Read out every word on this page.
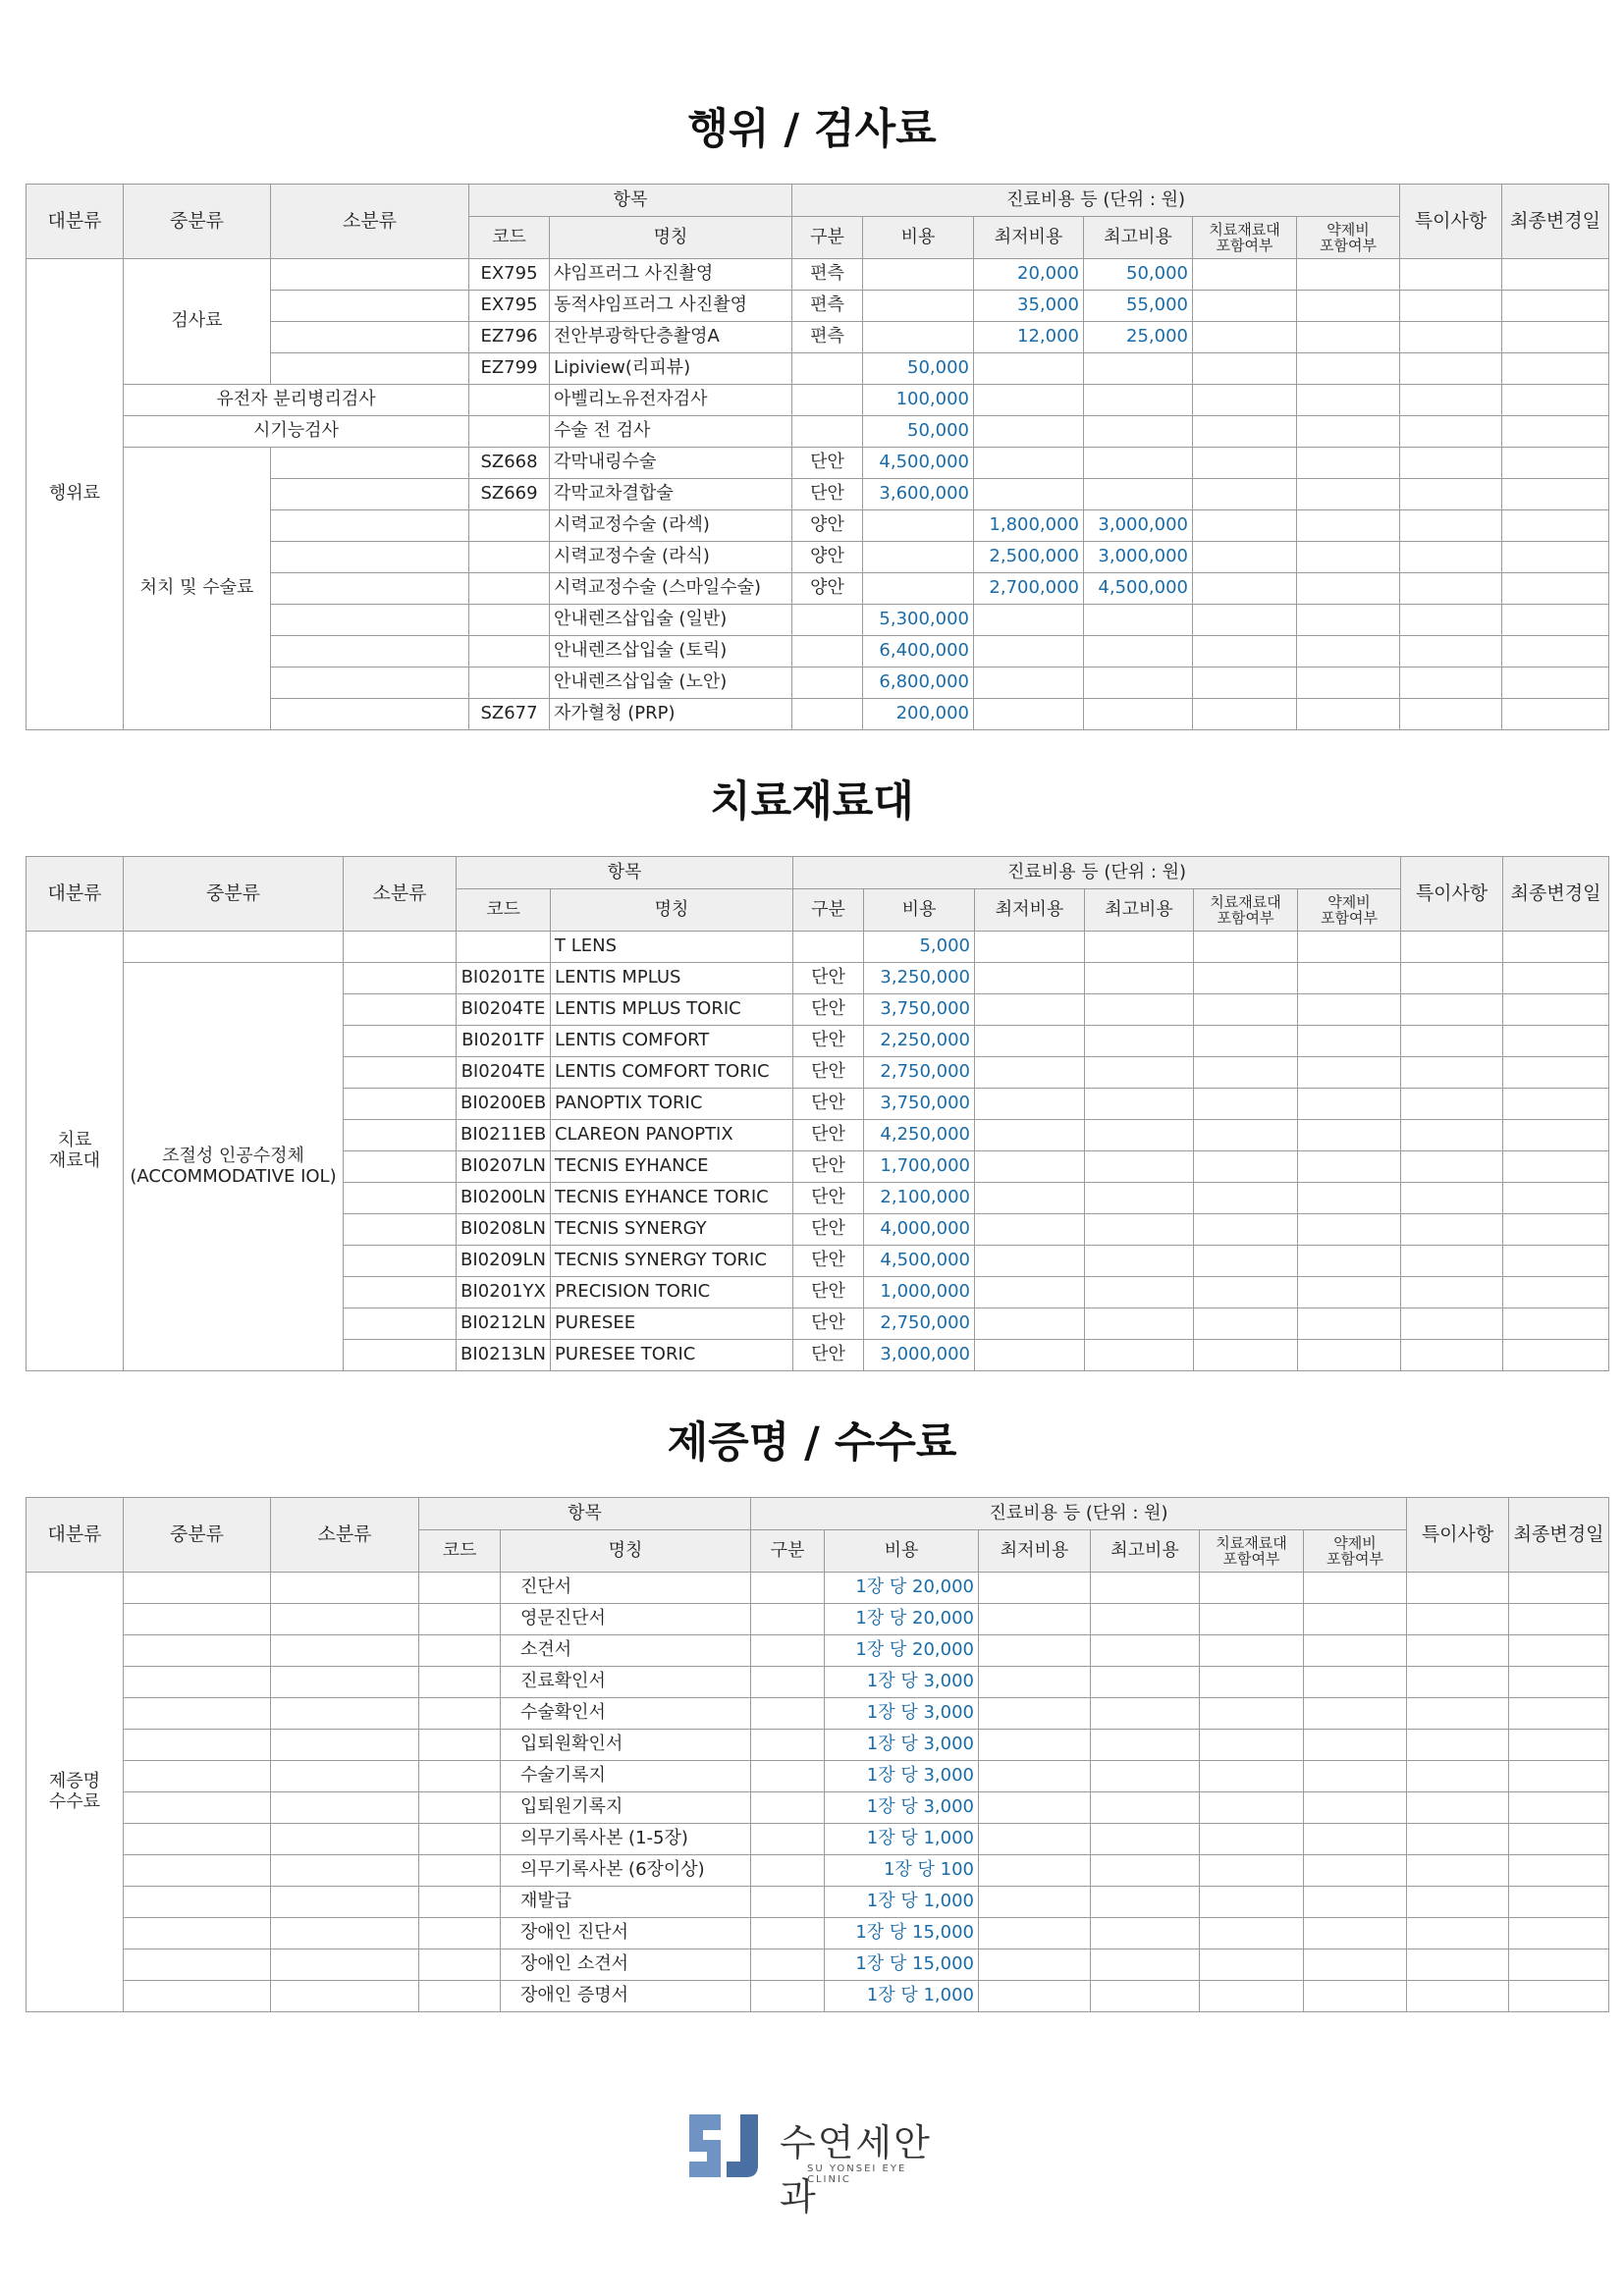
행위 / 검사료
대분류	중분류	소분류	항목		진료비용 등 (단위 : 원)						특이사항	최종변경일
			코드	명칭	구분	비용	최저비용	최고비용	치료재료대
포함여부	약제비
포함여부		
행위료	검사료		EX795	샤임프러그 사진촬영	편측		20,000	50,000				
			EX795	동적샤임프러그 사진촬영	편측		35,000	55,000				
			EZ796	전안부광학단층촬영A	편측		12,000	25,000				
			EZ799	Lipiview(리피뷰)		50,000						
	유전자 분리병리검사			아벨리노유전자검사		100,000						
	시기능검사			수술 전 검사		50,000						
	처치 및 수술료		SZ668	각막내링수술	단안	4,500,000						
			SZ669	각막교차결합술	단안	3,600,000						
				시력교정수술 (라섹)	양안		1,800,000	3,000,000				
				시력교정수술 (라식)	양안		2,500,000	3,000,000				
				시력교정수술 (스마일수술)	양안		2,700,000	4,500,000				
				안내렌즈삽입술 (일반)		5,300,000						
				안내렌즈삽입술 (토릭)		6,400,000						
				안내렌즈삽입술 (노안)		6,800,000						
			SZ677	자가혈청 (PRP)		200,000						
치료재료대
대분류	중분류	소분류	항목		진료비용 등 (단위 : 원)						특이사항	최종변경일
			코드	명칭	구분	비용	최저비용	최고비용	치료재료대
포함여부	약제비
포함여부		
치료
재료대				T LENS		5,000						
	조절성 인공수정체
(ACCOMMODATIVE IOL)		BI0201TE	LENTIS MPLUS	단안	3,250,000						
			BI0204TE	LENTIS MPLUS TORIC	단안	3,750,000						
			BI0201TF	LENTIS COMFORT	단안	2,250,000						
			BI0204TE	LENTIS COMFORT TORIC	단안	2,750,000						
			BI0200EB	PANOPTIX TORIC	단안	3,750,000						
			BI0211EB	CLAREON PANOPTIX	단안	4,250,000						
			BI0207LN	TECNIS EYHANCE	단안	1,700,000						
			BI0200LN	TECNIS EYHANCE TORIC	단안	2,100,000						
			BI0208LN	TECNIS SYNERGY	단안	4,000,000						
			BI0209LN	TECNIS SYNERGY TORIC	단안	4,500,000						
			BI0201YX	PRECISION TORIC	단안	1,000,000						
			BI0212LN	PURESEE	단안	2,750,000						
			BI0213LN	PURESEE TORIC	단안	3,000,000						
제증명 / 수수료
대분류	중분류	소분류	항목		진료비용 등 (단위 : 원)						특이사항	최종변경일
			코드	명칭	구분	비용	최저비용	최고비용	치료재료대
포함여부	약제비
포함여부		
제증명
수수료				진단서		1장 당 20,000						
				영문진단서		1장 당 20,000						
				소견서		1장 당 20,000						
				진료확인서		1장 당 3,000						
				수술확인서		1장 당 3,000						
				입퇴원확인서		1장 당 3,000						
				수술기록지		1장 당 3,000						
				입퇴원기록지		1장 당 3,000						
				의무기록사본 (1-5장)		1장 당 1,000						
				의무기록사본 (6장이상)		1장 당 100						
				재발급		1장 당 1,000						
				장애인 진단서		1장 당 15,000						
				장애인 소견서		1장 당 15,000						
				장애인 증명서		1장 당 1,000						
수연세안과
SU YONSEI EYE CLINIC
